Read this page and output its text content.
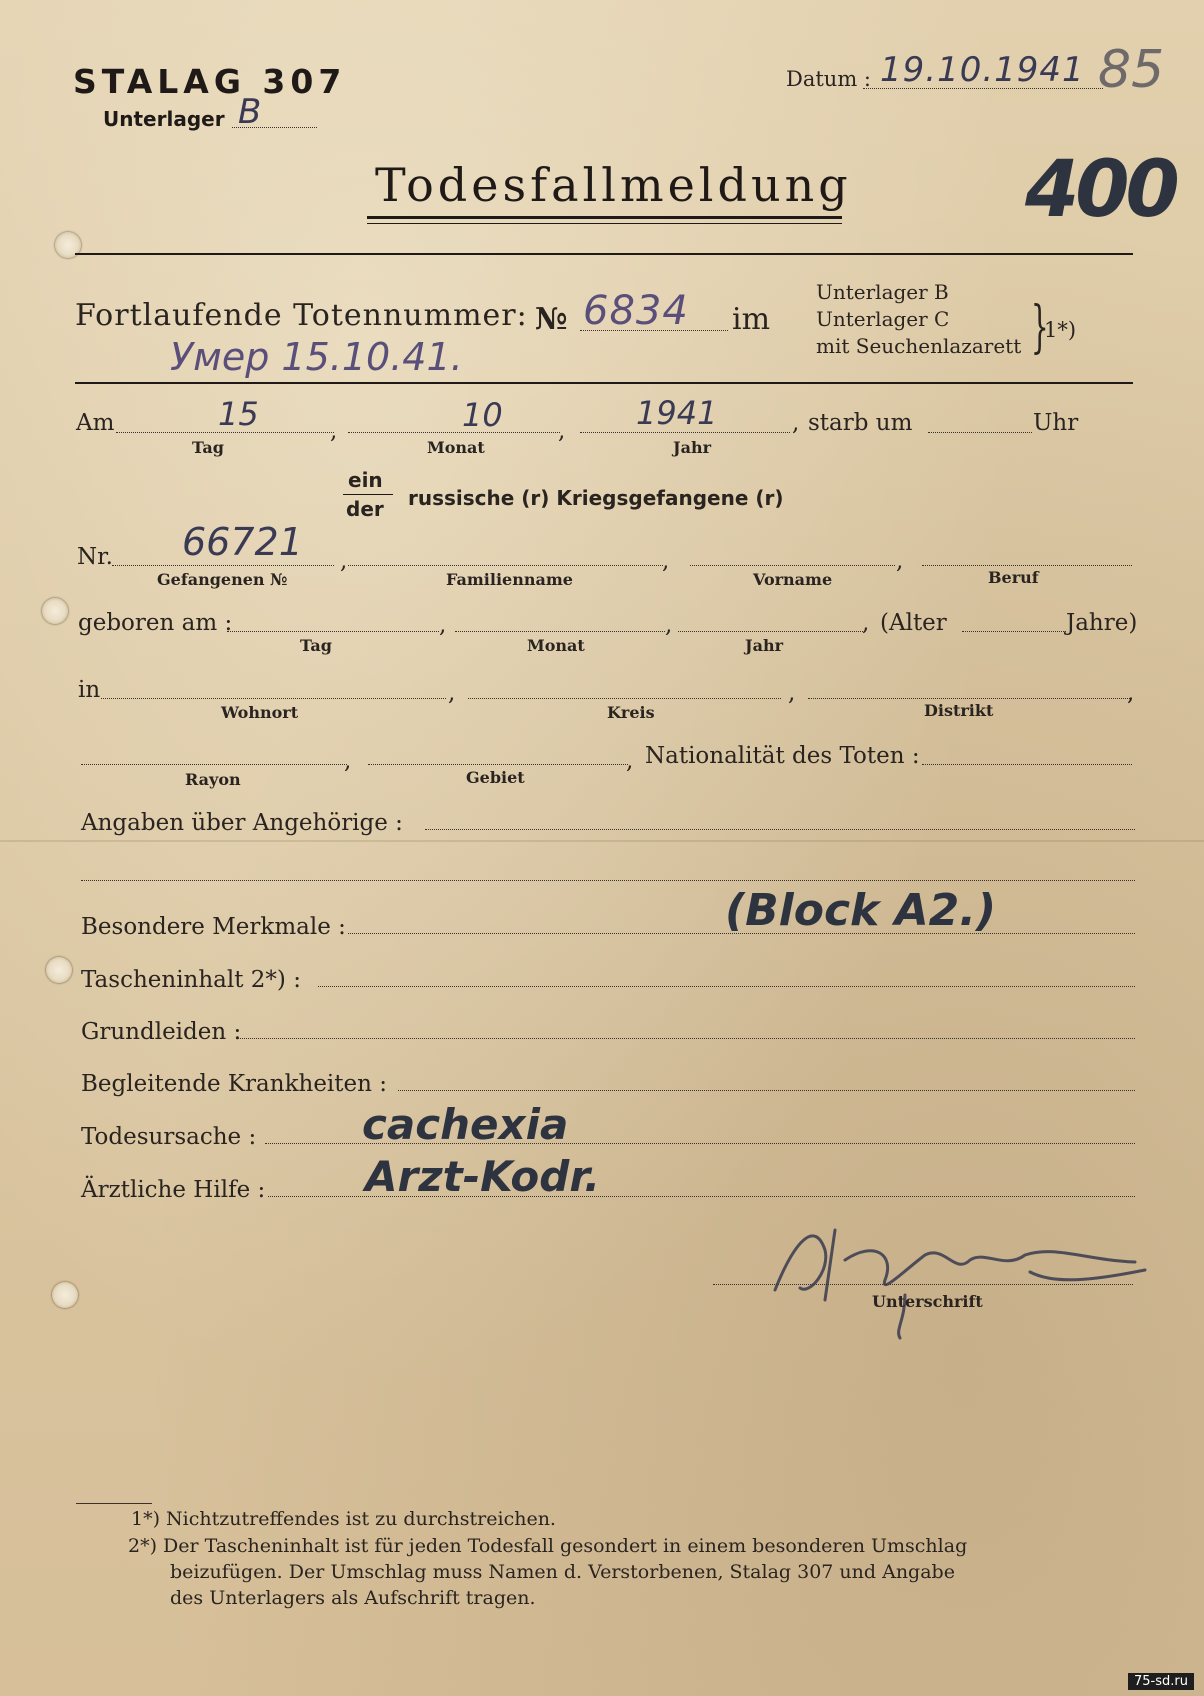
STALAG 307
Unterlager B
Datum : 19.10.1941 85
400
Todesfallmeldung
Fortlaufende Totennummer: № 6834 im
Unterlager B
Unterlager C
mit Seuchenlazarett }
1*)
Умер 15.10.41.
Am	,	,	, starb um	Uhr
15	10	1941
Tag	Monat	Jahr
ein
der russische (r) Kriegsgefangene (r)
Nr. 66721 ,	,	,
Gefangenen №	Familienname	Vorname	Beruf
geboren am :	,	,	, (Alter	Jahre)
Tag	Monat	Jahr
in	,	,	,
Wohnort	Kreis	Distrikt
,	, Nationalität des Toten :
Rayon	Gebiet
Angaben über Angehörige :
Besondere Merkmale :	(Block A2.)
Tascheninhalt 2*) :
Grundleiden :
Begleitende Krankheiten :
Todesursache :	cachexia
Ärztliche Hilfe : Arzt-Kodr.
Unterschrift
1*) Nichtzutreffendes ist zu durchstreichen.
2*) Der Tascheninhalt ist für jeden Todesfall gesondert in einem besonderen Umschlag
beizufügen. Der Umschlag muss Namen d. Verstorbenen, Stalag 307 und Angabe
des Unterlagers als Aufschrift tragen.
75-sd.ru
